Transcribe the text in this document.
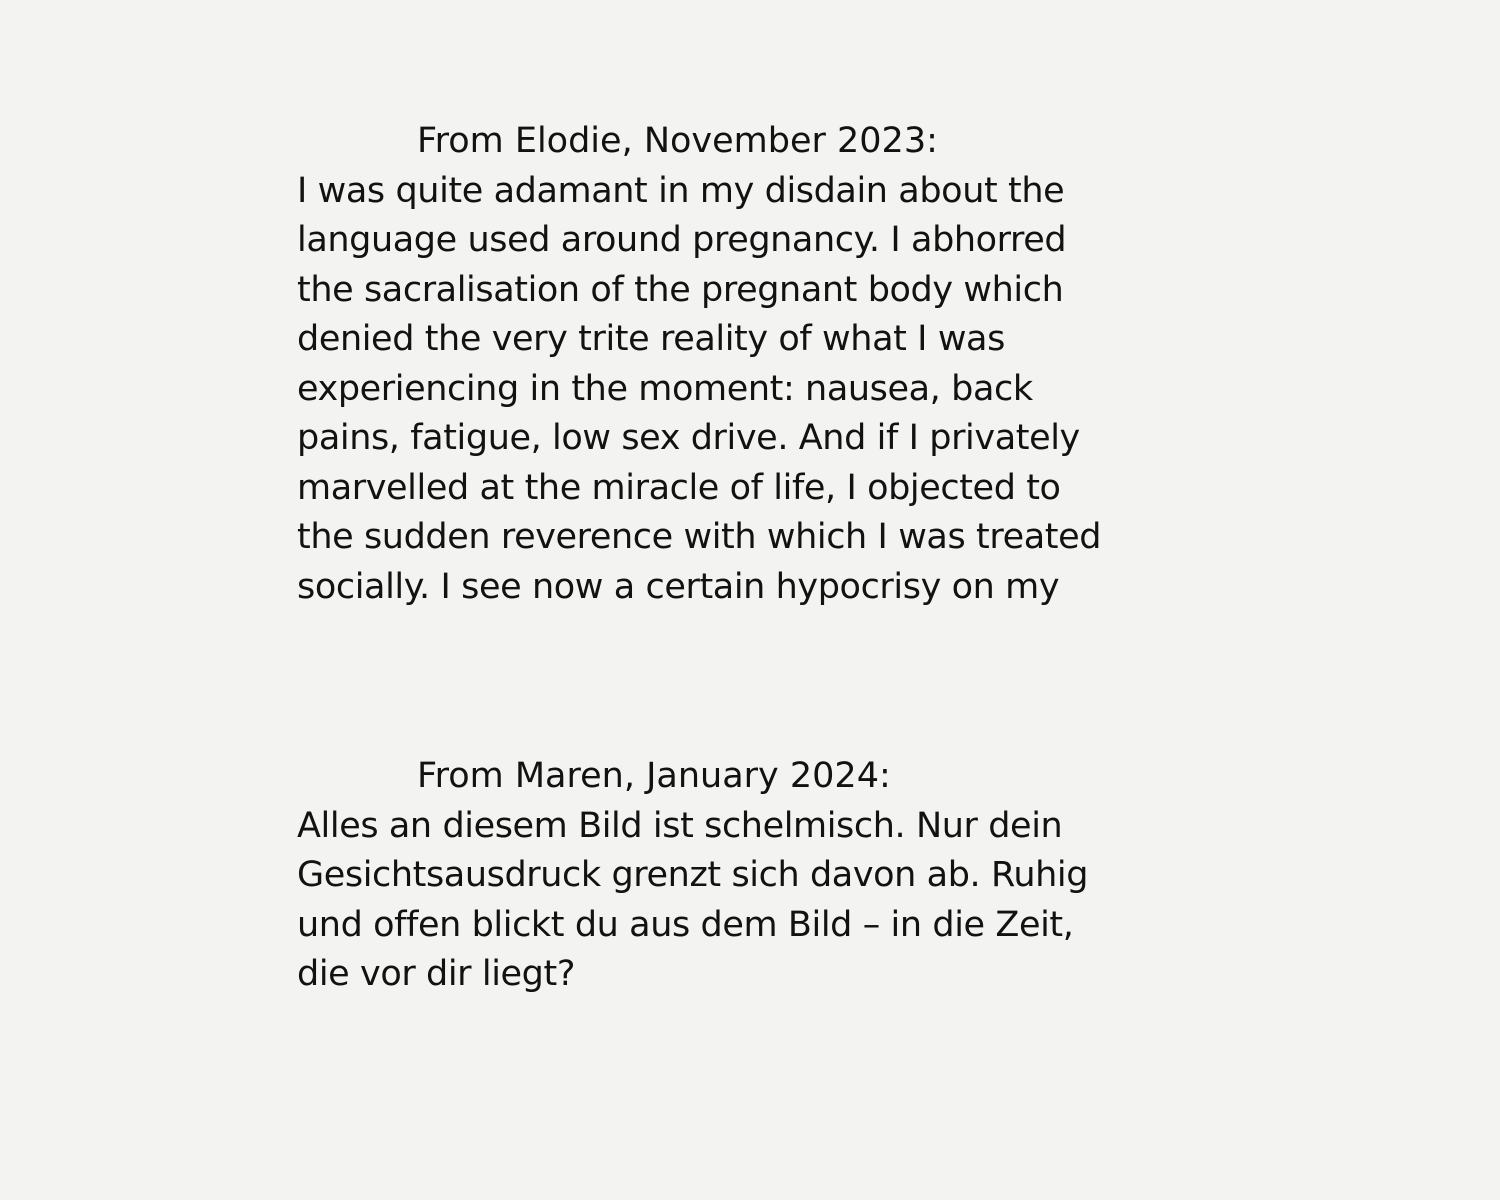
From Elodie, November 2023:
I was quite adamant in my disdain about the
language used around pregnancy. I abhorred
the sacralisation of the pregnant body which
denied the very trite reality of what I was
experiencing in the moment: nausea, back
pains, fatigue, low sex drive. And if I privately
marvelled at the miracle of life, I objected to
the sudden reverence with which I was treated
socially. I see now a certain hypocrisy on my
From Maren, January 2024:
Alles an diesem Bild ist schelmisch. Nur dein
Gesichtsausdruck grenzt sich davon ab. Ruhig
und offen blickt du aus dem Bild – in die Zeit,
die vor dir liegt?
